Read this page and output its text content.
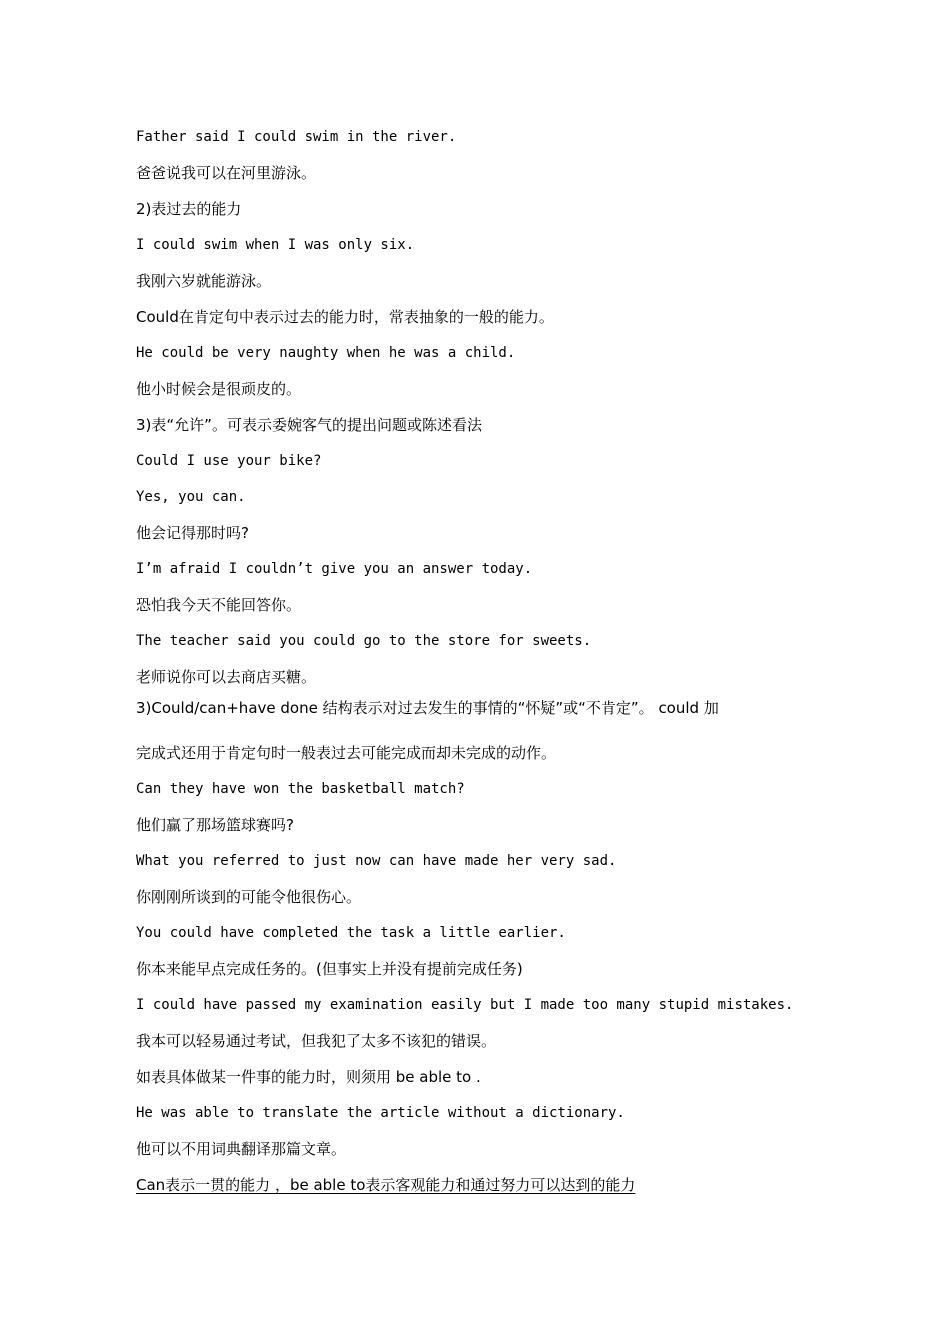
Father said I could swim in the river.
爸爸说我可以在河里游泳。
2)表过去的能力
I could swim when I was only six.
我刚六岁就能游泳。
Could在肯定句中表示过去的能力时，常表抽象的一般的能力。
He could be very naughty when he was a child.
他小时候会是很顽皮的。
3)表“允许”。可表示委婉客气的提出问题或陈述看法
Could I use your bike?
Yes, you can.
他会记得那时吗?
I’m afraid I couldn’t give you an answer today.
恐怕我今天不能回答你。
The teacher said you could go to the store for sweets.
老师说你可以去商店买糖。
3)Could/can+have done 结构表示对过去发生的事情的“怀疑”或“不肯定”。 could 加
完成式还用于肯定句时一般表过去可能完成而却未完成的动作。
Can they have won the basketball match?
他们赢了那场篮球赛吗?
What you referred to just now can have made her very sad.
你刚刚所谈到的可能令他很伤心。
You could have completed the task a little earlier.
你本来能早点完成任务的。(但事实上并没有提前完成任务)
I could have passed my examination easily but I made too many stupid mistakes.
我本可以轻易通过考试，但我犯了太多不该犯的错误。
如表具体做某一件事的能力时，则须用 be able to .
He was able to translate the article without a dictionary.
他可以不用词典翻译那篇文章。
Can表示一贯的能力 ，be able to表示客观能力和通过努力可以达到的能力
